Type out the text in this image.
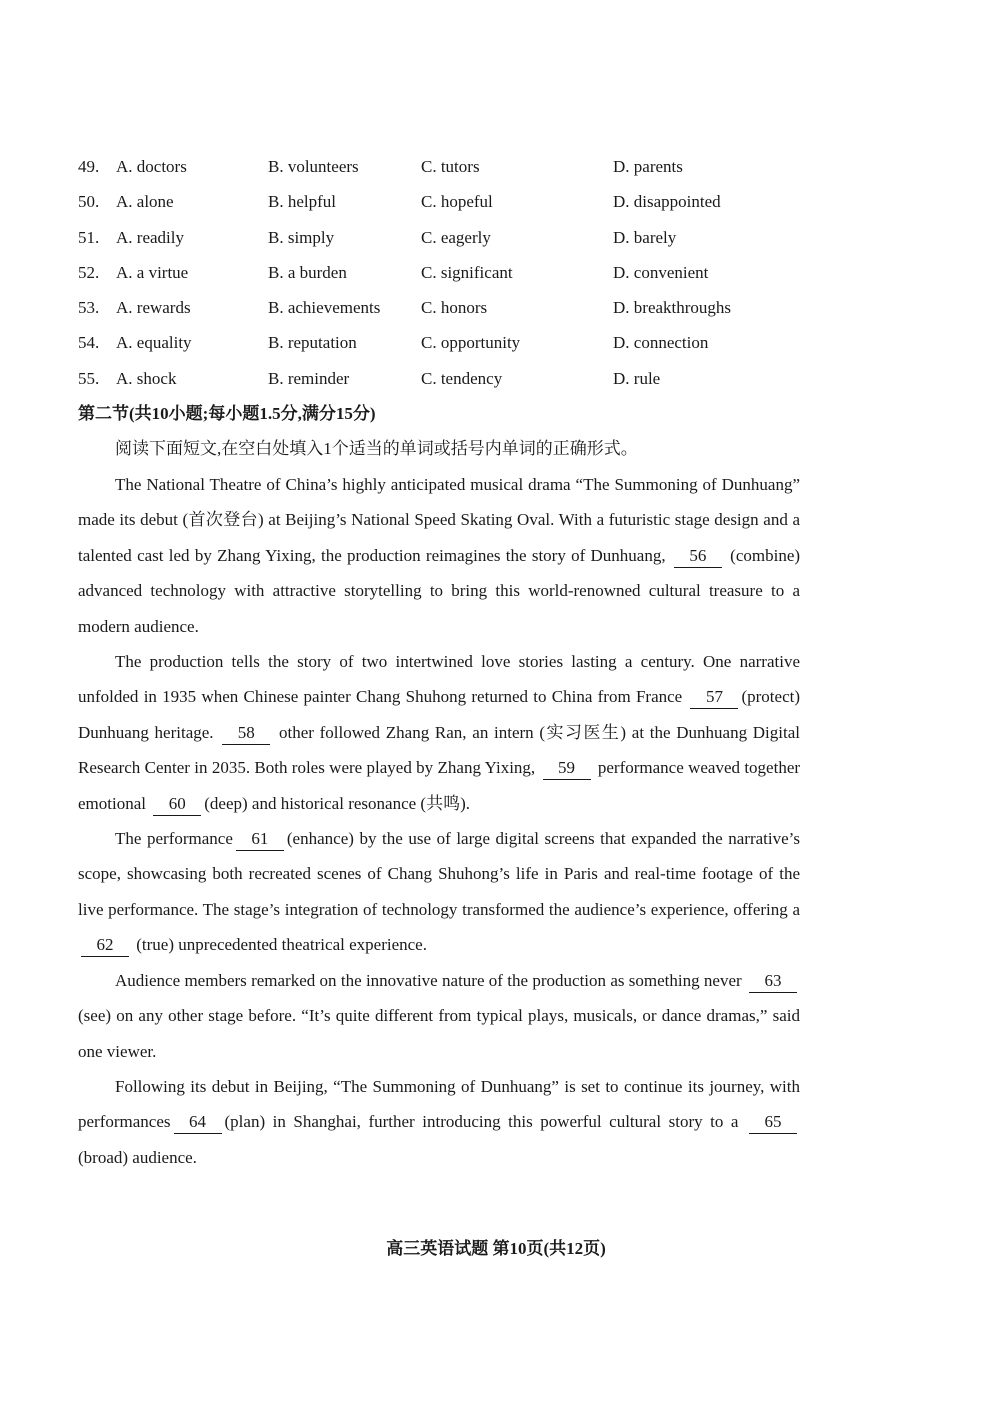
49. A. doctors	B. volunteers	C. tutors	D. parents
50. A. alone	B. helpful	C. hopeful	D. disappointed
51. A. readily	B. simply	C. eagerly	D. barely
52. A. a virtue	B. a burden	C. significant	D. convenient
53. A. rewards	B. achievements C. honors	D. breakthroughs
54. A. equality	B. reputation	C. opportunity	D. connection
55. A. shock	B. reminder	C. tendency	D. rule
第二节(共10小题;每小题1.5分,满分15分)
阅读下面短文,在空白处填入1个适当的单词或括号内单词的正确形式。

The National Theatre of China’s highly anticipated musical drama “The Summoning of Dunhuang” made its debut (首次登台) at Beijing’s National Speed Skating Oval. With a futuristic stage design and a talented cast led by Zhang Yixing, the production reimagines the story of Dunhuang, 56 (combine) advanced technology with attractive storytelling to bring this world-renowned cultural treasure to a modern audience.

The production tells the story of two intertwined love stories lasting a century. One narrative unfolded in 1935 when Chinese painter Chang Shuhong returned to China from France 57 (protect) Dunhuang heritage. 58 other followed Zhang Ran, an intern (实习医生) at the Dunhuang Digital Research Center in 2035. Both roles were played by Zhang Yixing, 59 performance weaved together emotional 60 (deep) and historical resonance (共鸣).

The performance 61 (enhance) by the use of large digital screens that expanded the narrative’s scope, showcasing both recreated scenes of Chang Shuhong’s life in Paris and real-time footage of the live performance. The stage’s integration of technology transformed the audience’s experience, offering a 62 (true) unprecedented theatrical experience.

Audience members remarked on the innovative nature of the production as something never 63 (see) on any other stage before. “It’s quite different from typical plays, musicals, or dance dramas,” said one viewer.

Following its debut in Beijing, “The Summoning of Dunhuang” is set to continue its journey, with performances 64 (plan) in Shanghai, further introducing this powerful cultural story to a 65(broad) audience.

高三英语试题 第10页(共12页)
